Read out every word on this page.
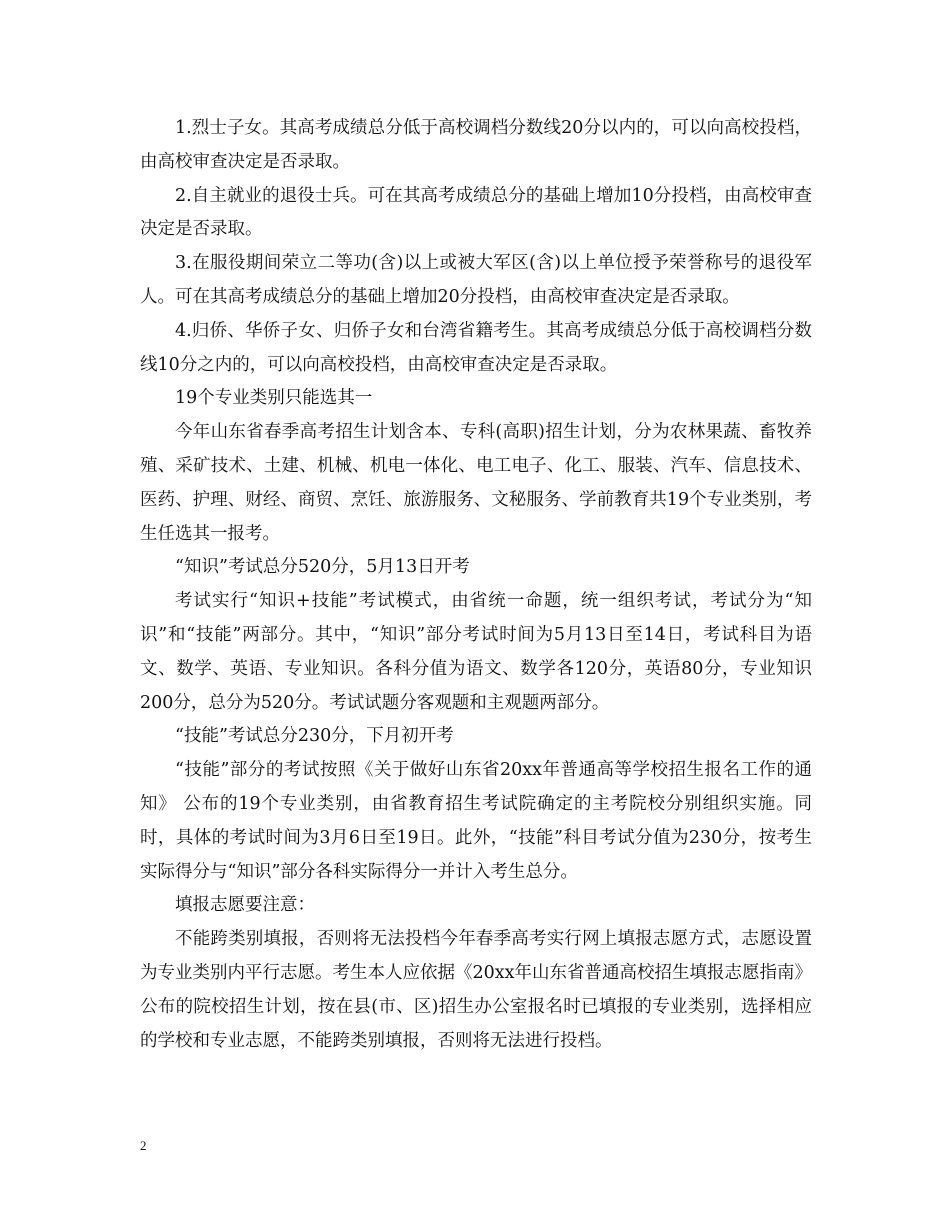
1.烈士子女。其高考成绩总分低于高校调档分数线20分以内的，可以向高校投档，由高校审查决定是否录取。

2.自主就业的退役士兵。可在其高考成绩总分的基础上增加10分投档，由高校审查决定是否录取。

3.在服役期间荣立二等功(含)以上或被大军区(含)以上单位授予荣誉称号的退役军人。可在其高考成绩总分的基础上增加20分投档，由高校审查决定是否录取。

4.归侨、华侨子女、归侨子女和台湾省籍考生。其高考成绩总分低于高校调档分数线10分之内的，可以向高校投档，由高校审查决定是否录取。

19个专业类别只能选其一

今年山东省春季高考招生计划含本、专科(高职)招生计划，分为农林果蔬、畜牧养殖、采矿技术、土建、机械、机电一体化、电工电子、化工、服装、汽车、信息技术、医药、护理、财经、商贸、烹饪、旅游服务、文秘服务、学前教育共19个专业类别，考生任选其一报考。

“知识”考试总分520分，5月13日开考

考试实行“知识+技能”考试模式，由省统一命题，统一组织考试，考试分为“知识”和“技能”两部分。其中，“知识”部分考试时间为5月13日至14日，考试科目为语文、数学、英语、专业知识。各科分值为语文、数学各120分，英语80分，专业知识200分，总分为520分。考试试题分客观题和主观题两部分。

“技能”考试总分230分，下月初开考

“技能”部分的考试按照《关于做好山东省20xx年普通高等学校招生报名工作的通知》 公布的19个专业类别，由省教育招生考试院确定的主考院校分别组织实施。同时，具体的考试时间为3月6日至19日。此外，“技能”科目考试分值为230分，按考生实际得分与“知识”部分各科实际得分一并计入考生总分。

填报志愿要注意：

不能跨类别填报，否则将无法投档今年春季高考实行网上填报志愿方式，志愿设置为专业类别内平行志愿。考生本人应依据《20xx年山东省普通高校招生填报志愿指南》公布的院校招生计划，按在县(市、区)招生办公室报名时已填报的专业类别，选择相应的学校和专业志愿，不能跨类别填报，否则将无法进行投档。

2
